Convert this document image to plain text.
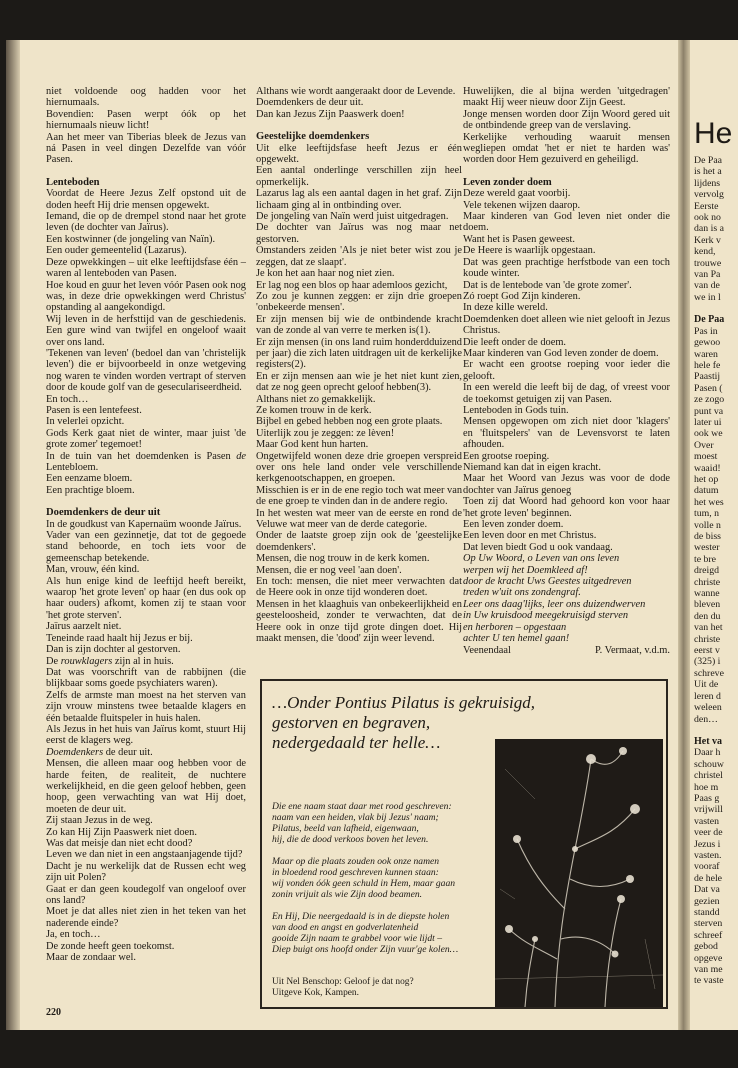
niet voldoende oog hadden voor het hiernumaals.

Bovendien: Pasen werpt óók op het hiernumaals nieuw licht!

Aan het meer van Tiberias bleek de Jezus van ná Pasen in veel dingen Dezelfde van vóór Pasen.

Lenteboden

Voordat de Heere Jezus Zelf opstond uit de doden heeft Hij drie mensen opgewekt.

Iemand, die op de drempel stond naar het grote leven (de dochter van Jaïrus).

Een kostwinner (de jongeling van Naïn).

Een ouder gemeentelid (Lazarus).

Deze opwekkingen – uit elke leeftijdsfase één – waren al lenteboden van Pasen.

Hoe koud en guur het leven vóór Pasen ook nog was, in deze drie opwekkingen werd Christus' opstanding al aangekondigd.

Wij leven in de herfsttijd van de geschiedenis. Een gure wind van twijfel en ongeloof waait over ons land.

'Tekenen van leven' (bedoel dan van 'christelijk leven') die er bijvoorbeeld in onze wetgeving nog waren te vinden worden vertrapt of sterven door de koude golf van de geseculariseerdheid.

En toch…

Pasen is een lentefeest.

In velerlei opzicht.

Gods Kerk gaat niet de winter, maar juist 'de grote zomer' tegemoet!

In de tuin van het doemdenken is Pasen de Lentebloem.

Een eenzame bloem.

Een prachtige bloem.

Doemdenkers de deur uit

In de goudkust van Kapernaüm woonde Jaïrus.

Vader van een gezinnetje, dat tot de gegoede stand behoorde, en toch iets voor de gemeenschap betekende.

Man, vrouw, één kind.

Als hun enige kind de leeftijd heeft bereikt, waarop 'het grote leven' op haar (en dus ook op haar ouders) afkomt, komen zij te staan voor 'het grote sterven'.

Jaïrus aarzelt niet.

Teneinde raad haalt hij Jezus er bij.

Dan is zijn dochter al gestorven.

De rouwklagers zijn al in huis.

Dat was voorschrift van de rabbijnen (die blijkbaar soms goede psychiaters waren).

Zelfs de armste man moest na het sterven van zijn vrouw minstens twee betaalde klagers en één betaalde fluitspeler in huis halen.

Als Jezus in het huis van Jaïrus komt, stuurt Hij eerst de klagers weg.

Doemdenkers de deur uit.

Mensen, die alleen maar oog hebben voor de harde feiten, de realiteit, de nuchtere werkelijkheid, en die geen geloof hebben, geen hoop, geen verwachting van wat Hij doet, moeten de deur uit.

Zij staan Jezus in de weg.

Zo kan Hij Zijn Paaswerk niet doen.

Was dat meisje dan niet echt dood?

Leven we dan niet in een angstaanjagende tijd?

Dacht je nu werkelijk dat de Russen echt weg zijn uit Polen?

Gaat er dan geen koudegolf van ongeloof over ons land?

Moet je dat alles niet zien in het teken van het naderende einde?

Ja, en toch…

De zonde heeft geen toekomst.

Maar de zondaar wel.

Althans wie wordt aangeraakt door de Levende.

Doemdenkers de deur uit.

Dan kan Jezus Zijn Paaswerk doen!

Geestelijke doemdenkers

Uit elke leeftijdsfase heeft Jezus er één opgewekt.

Een aantal onderlinge verschillen zijn heel opmerkelijk.

Lazarus lag als een aantal dagen in het graf. Zijn lichaam ging al in ontbinding over.

De jongeling van Naïn werd juist uitgedragen.

De dochter van Jaïrus was nog maar net gestorven.

Omstanders zeiden 'Als je niet beter wist zou je zeggen, dat ze slaapt'.

Je kon het aan haar nog niet zien.

Er lag nog een blos op haar ademloos gezicht,

Zo zou je kunnen zeggen: er zijn drie groepen 'onbekeerde mensen'.

Er zijn mensen bij wie de ontbindende kracht van de zonde al van verre te merken is(1).

Er zijn mensen (in ons land ruim honderdduizend per jaar) die zich laten uitdragen uit de kerkelijke registers(2).

En er zijn mensen aan wie je het niet kunt zien, dat ze nog geen oprecht geloof hebben(3).

Althans niet zo gemakkelijk.

Ze komen trouw in de kerk.

Bijbel en gebed hebben nog een grote plaats.

Uiterlijk zou je zeggen: ze lèven!

Maar God kent hun harten.

Ongetwijfeld wonen deze drie groepen verspreid over ons hele land onder vele verschillende kerkgenootschappen, en groepen.

Misschien is er in de ene regio toch wat meer van de ene groep te vinden dan in de andere regio.

In het westen wat meer van de eerste en rond de Veluwe wat meer van de derde categorie.

Onder de laatste groep zijn ook de 'geestelijke doemdenkers'.

Mensen, die nog trouw in de kerk komen.

Mensen, die er nog veel 'aan doen'.

En toch: mensen, die niet meer verwachten dat de Heere ook in onze tijd wonderen doet.

Mensen in het klaaghuis van onbekeerlijkheid en geesteloosheid, zonder te verwachten, dat de Heere ook in onze tijd grote dingen doet. Hij maakt mensen, die 'dood' zijn weer levend.

Huwelijken, die al bijna werden 'uitgedragen' maakt Hij weer nieuw door Zijn Geest.

Jonge mensen worden door Zijn Woord gered uit de ontbindende greep van de verslaving.

Kerkelijke verhouding waaruit mensen wegliepen omdat 'het er niet te harden was' worden door Hem gezuiverd en geheiligd.

Leven zonder doem

Deze wereld gaat voorbij.

Vele tekenen wijzen daarop.

Maar kinderen van God leven niet onder die doem.

Want het is Pasen geweest.

De Heere is waarlijk opgestaan.

Dat was geen prachtige herfstbode van een toch koude winter.

Dat is de lentebode van 'de grote zomer'.

Zó roept God Zijn kinderen.

In deze kille wereld.

Doemdenken doet alleen wie niet gelooft in Jezus Christus.

Die leeft onder de doem.

Maar kinderen van God leven zonder de doem.

Er wacht een grootse roeping voor ieder die gelooft.

In een wereld die leeft bij de dag, of vreest voor de toekomst getuigen zij van Pasen.

Lenteboden in Gods tuin.

Mensen opgewopen om zich niet door 'klagers' en 'fluitspelers' van de Levensvorst te laten afhouden.

Een grootse roeping.

Niemand kan dat in eigen kracht.

Maar het Woord van Jezus was voor de dode dochter van Jaïrus genoeg

Toen zij dat Woord had gehoord kon voor haar 'het grote leven' beginnen.

Een leven zonder doem.

Een leven door en met Christus.

Dat leven biedt God u ook vandaag.

Op Uw Woord, o Leven van ons leven

werpen wij het Doemkleed af!

door de kracht Uws Geestes uitgedreven

treden w'uit ons zondengraf.

Leer ons daag'lijks, leer ons duizendwerven

in Uw kruisdood meegekruisigd sterven

en herboren – opgestaan

achter U ten hemel gaan!

Veenendaal	P. Vermaat, v.d.m.
…Onder Pontius Pilatus is gekruisigd,
gestorven en begraven,
nedergedaald ter helle…

Die ene naam staat daar met rood geschreven:

naam van een heiden, vlak bij Jezus' naam;

Pilatus, beeld van lafheid, eigenwaan,

hij, die de dood verkoos boven het leven.

Maar op die plaats zouden ook onze namen

in bloedend rood geschreven kunnen staan:

wij vonden óók geen schuld in Hem, maar gaan

zonin vrijuit als wie Zijn dood beamen.

En Hij, Die neergedaald is in de diepste holen

van dood en angst en godverlatenheid

gooide Zijn naam te grabbel voor wie lijdt –

Diep buigt ons hoofd onder Zijn vuur'ge kolen…

Uit Nel Benschop: Geloof je dat nog?
Uitgeve Kok, Kampen.
220
He

De Paa

is het a

lijdens

vervolg

Eerste

ook no

dan is a

Kerk v

kend,

trouwe

van Pa

van de

we in l

De Paa

Pas in

gewoo

waren

hele fe

Paastij

Pasen (

ze zogo

punt va

later ui

ook we

Over

moest

waaid!

het op

datum

het wes

tum, n

volle n

de biss

wester

te bre

dreigd

christe

wanne

bleven

den du

van het

christe

eerst v

(325) i

schreve

Uit de

leren d

weleen

den…

Het va

Daar h

schouw

christel

hoe m

Paas g

vrijwill

vasten

veer de

Jezus i

vasten.

vooraf

de hele

Dat va

gezien

standd

sterven

schreef

gebod

opgeve

van me

te vaste
